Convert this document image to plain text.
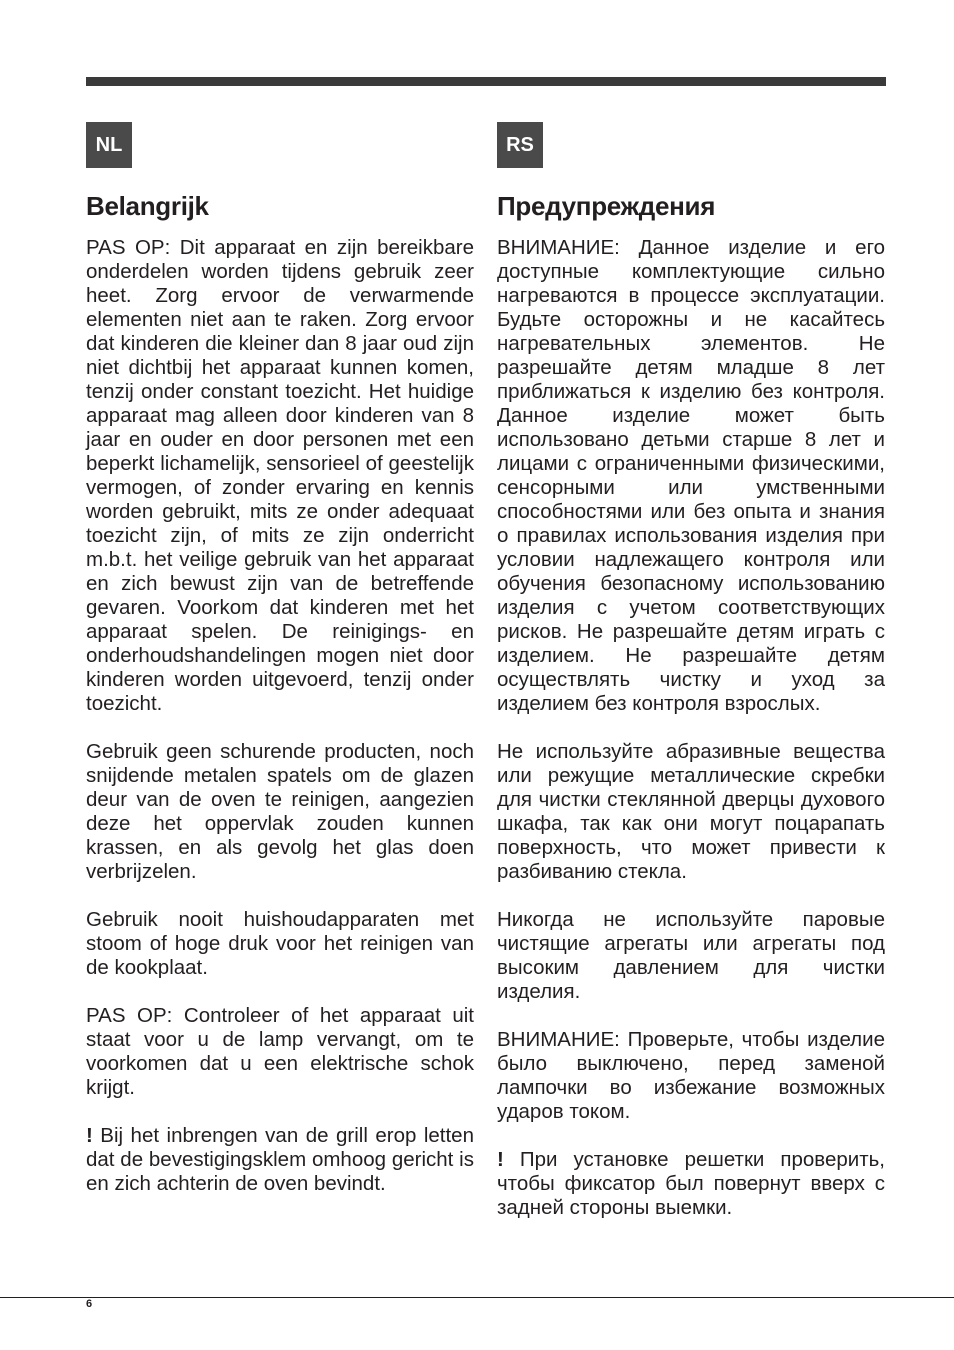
NL
Belangrijk

PAS OP: Dit apparaat en zijn bereikbare onderdelen worden tijdens gebruik zeer heet. Zorg ervoor de verwarmende elementen niet aan te raken. Zorg ervoor dat kinderen die kleiner dan 8 jaar oud zijn niet dichtbij het apparaat kunnen komen, tenzij onder constant toezicht. Het huidige apparaat mag alleen door kinderen van 8 jaar en ouder en door personen met een beperkt lichamelijk, sensorieel of geestelijk vermogen, of zonder ervaring en kennis worden gebruikt, mits ze onder adequaat toezicht zijn, of mits ze zijn onderricht m.b.t. het veilige gebruik van het apparaat en zich bewust zijn van de betreffende gevaren. Voorkom dat kinderen met het apparaat spelen. De reinigings- en onderhoudshandelingen mogen niet door kinderen worden uitgevoerd, tenzij onder toezicht.

Gebruik geen schurende producten, noch snijdende metalen spatels om de glazen deur van de oven te reinigen, aangezien deze het oppervlak zouden kunnen krassen, en als gevolg het glas doen verbrijzelen.

Gebruik nooit huishoudapparaten met stoom of hoge druk voor het reinigen van de kookplaat.

PAS OP: Controleer of het apparaat uit staat voor u de lamp vervangt, om te voorkomen dat u een elektrische schok krijgt.

! Bij het inbrengen van de grill erop letten dat de bevestigingsklem omhoog gericht is en zich achterin de oven bevindt.

RS
Предупреждения

ВНИМАНИЕ: Данное изделие и его доступные комплектующие сильно нагреваются в процессе эксплуатации. Будьте осторожны и не касайтесь нагревательных элементов. Не разрешайте детям младше 8 лет приближаться к изделию без контроля. Данное изделие может быть использовано детьми старше 8 лет и лицами с ограниченными физическими, сенсорными или умственными способностями или без опыта и знания о правилах использования изделия при условии надлежащего контроля или обучения безопасному использованию изделия с учетом соответствующих рисков. Не разрешайте детям играть с изделием. Не разрешайте детям осуществлять чистку и уход за изделием без контроля взрослых.

Не используйте абразивные вещества или режущие металлические скребки для чистки стеклянной дверцы духового шкафа, так как они могут поцарапать поверхность, что может привести к разбиванию стекла.

Никогда не используйте паровые чистящие агрегаты или агрегаты под высоким давлением для чистки изделия.

ВНИМАНИЕ: Проверьте, чтобы изделие было выключено, перед заменой лампочки во избежание возможных ударов током.

! При установке решетки проверить, чтобы фиксатор был повернут вверх с задней стороны выемки.

6
